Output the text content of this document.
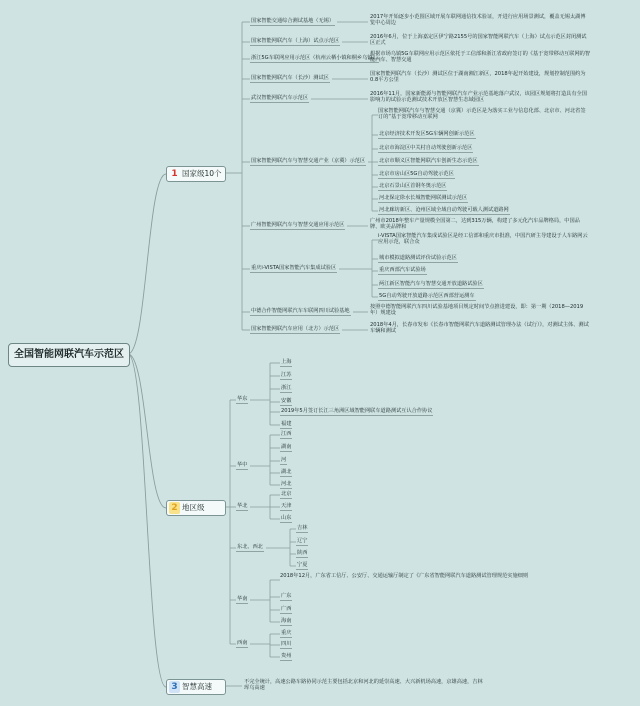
全国智能网联汽车示范区
1 国家级10个
2 地区级
3 智慧高速
国家智能交通综合测试基地（无锡）
2017年开始逐步小范围区域开展车联网通信技术验证，开进行应用场景测试，覆盖无锡太湖博览中心周边
国家智能网联汽车（上海）试点示范区
2016年6月，位于上海嘉定区伊宁路2155号的国家智能网联汽车（上海）试点示范区封闭测试区正式
浙江5G车联网应用示范区（杭州云栖小镇和桐乡乌镇）
根据市场乌镇5G车联网应用示范区依托于工信部和浙江省政府签订的《基于宽带移动互联网的智能汽车、智慧交通
国家智能网联汽车（长沙）测试区
国家智能网联汽车（长沙）测试区位于湖南湘江新区，2018年起开始建设，规划控制范围约为0.8平方公里
武汉智能网联汽车示范区
2016年11月，国家新能源与智能网联汽车产业示范基地落户武汉，该园区规划将打造具有全国影响力的试验示范测试技术开放区智慧生态域园区
国家智能网联汽车与智慧交通产业（京冀）示范区
国家智能网联汽车与智慧交通（京冀）示范区是为落实工业与信息化部、北京市、河北省签订的“基于宽带移动互联网
北京经济技术开发区5G车辆网创新示范区
北京市海淀区中关村自动驾驶创新示范区
北京市顺义区智能网联汽车创新生态示范区
北京市房山区5G自动驾驶示范区
北京石景山区首钢冬奥示范区
河北保定徐水长城智能网联测试示范区
河北廊坊新区、沧州区域全域自动驾驶可载人测试道路网
广州智能网联汽车与智慧交通应用示范区
广州市2018年整车产量规模全国第二，达到315万辆，构建了多元化汽车品牌格局，中国品牌、欧美品牌和
重庆i-VISTA国家智能汽车集成试验区
i-VISTA国家智能汽车集成试验区是经工信部和重庆市批准，中国汽研主导建设于人车路网云应用示范，联合众
城市模拟道路测试评价试验示范区
重庆西部汽车试验场
两江新区智能汽车与智慧交通开放道路试验区
5G自动驾驶开放道路示范区西部营运测车
中德合作智能网联汽车车联网四川试验基地
按照中德智能网联汽车四川试验基地项目规定时间节点推进建设，即：第一期（2018—2019年）规建设
国家智能网联汽车应用（北方）示范区
2018年4月，长春市发布《长春市智能网联汽车道路测试管理办法（试行）》，对测试主体、测试车辆和测试
华东
上海
江苏
浙江
安徽
2019年5月签订长江三角洲区域智能网联车道路测试互认合作协议
福建
华中
江西
湖南
河
湖北
河北
华北
北京
天津
山东
东北、西北
吉林
辽宁
陕西
宁夏
华南
2018年12月，广东省工信厅、公安厅、交通运输厅制定了《广东省智能网联汽车道路测试管理规范实施细则
广东
广西
海南
西南
重庆
四川
贵州
不完全统计，高速公路车路协同示范主要包括北京和河北的延崇高速、大兴新机场高速，京雄高速，吉林珲乌高速
